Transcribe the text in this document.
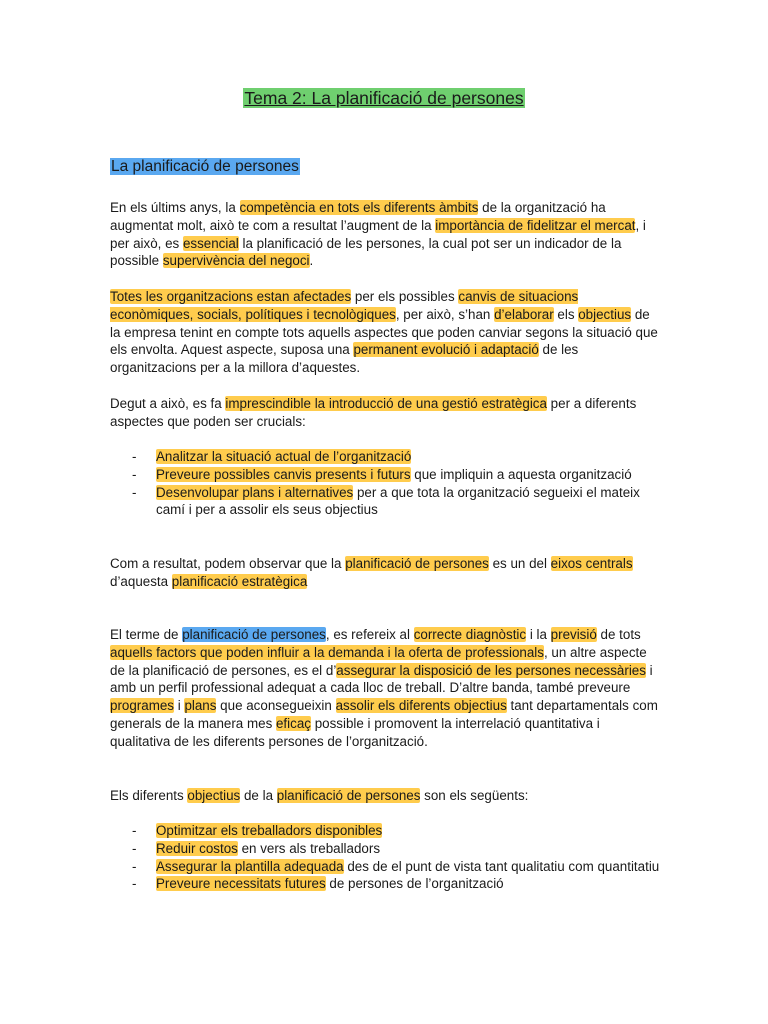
Tema 2: La planificació de persones
La planificació de persones
En els últims anys, la competència en tots els diferents àmbits de la organització ha augmentat molt, això te com a resultat l’augment de la importància de fidelitzar el mercat, i per això, es essencial la planificació de les persones, la cual pot ser un indicador de la possible supervivència del negoci.
Totes les organitzacions estan afectades per els possibles canvis de situacions econòmiques, socials, polítiques i tecnològiques, per això, s’han d’elaborar els objectius de la empresa tenint en compte tots aquells aspectes que poden canviar segons la situació que els envolta. Aquest aspecte, suposa una permanent evolució i adaptació de les organitzacions per a la millora d’aquestes.
Degut a això, es fa imprescindible la introducció de una gestió estratègica per a diferents aspectes que poden ser crucials:
- Analitzar la situació actual de l’organització
- Preveure possibles canvis presents i futurs que impliquin a aquesta organització
- Desenvolupar plans i alternatives per a que tota la organització segueixi el mateix camí i per a assolir els seus objectius
Com a resultat, podem observar que la planificació de persones es un del eixos centrals d’aquesta planificació estratègica
El terme de planificació de persones, es refereix al correcte diagnòstic i la previsió de tots aquells factors que poden influir a la demanda i la oferta de professionals, un altre aspecte de la planificació de persones, es el d’assegurar la disposició de les persones necessàries i amb un perfil professional adequat a cada lloc de treball. D’altre banda, també preveure programes i plans que aconsegueixin assolir els diferents objectius tant departamentals com generals de la manera mes eficaç possible i promovent la interrelació quantitativa i qualitativa de les diferents persones de l’organització.
Els diferents objectius de la planificació de persones son els següents:
- Optimitzar els treballadors disponibles
- Reduir costos en vers als treballadors
- Assegurar la plantilla adequada des de el punt de vista tant qualitatiu com quantitatiu
- Preveure necessitats futures de persones de l’organització
